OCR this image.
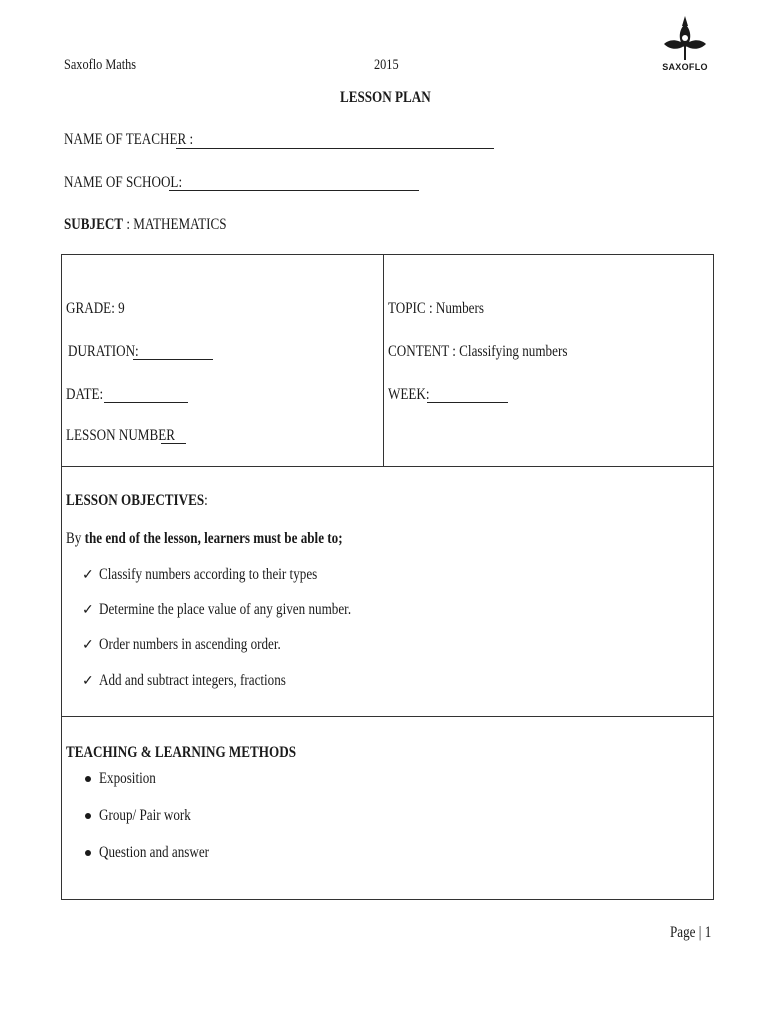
Saxoflo Maths	2015	SAXOFLO
LESSON PLAN
NAME OF TEACHER :
NAME OF SCHOOL:
SUBJECT : MATHEMATICS
GRADE: 9
DURATION:
DATE:
LESSON NUMBER
TOPIC : Numbers
CONTENT : Classifying numbers
WEEK:
LESSON OBJECTIVES:
By the end of the lesson, learners must be able to;
✓ Classify numbers according to their types
✓ Determine the place value of any given number.
✓ Order numbers in ascending order.
✓ Add and subtract integers, fractions
TEACHING & LEARNING METHODS
Exposition
Group/ Pair work
Question and answer
Page | 1
